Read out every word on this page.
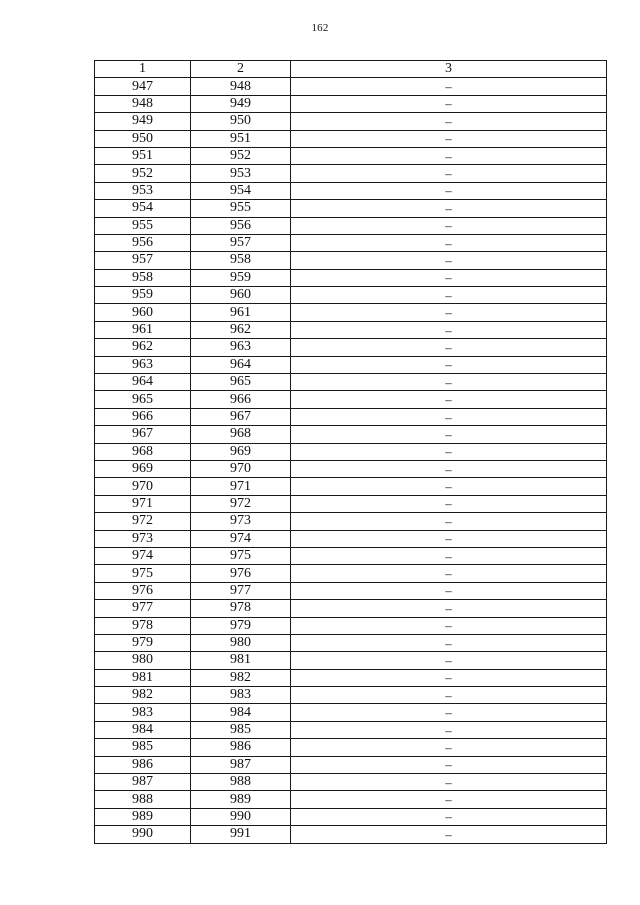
162
1	2	3
947	948	–
948	949	–
949	950	–
950	951	–
951	952	–
952	953	–
953	954	–
954	955	–
955	956	–
956	957	–
957	958	–
958	959	–
959	960	–
960	961	–
961	962	–
962	963	–
963	964	–
964	965	–
965	966	–
966	967	–
967	968	–
968	969	–
969	970	–
970	971	–
971	972	–
972	973	–
973	974	–
974	975	–
975	976	–
976	977	–
977	978	–
978	979	–
979	980	–
980	981	–
981	982	–
982	983	–
983	984	–
984	985	–
985	986	–
986	987	–
987	988	–
988	989	–
989	990	–
990	991	–
